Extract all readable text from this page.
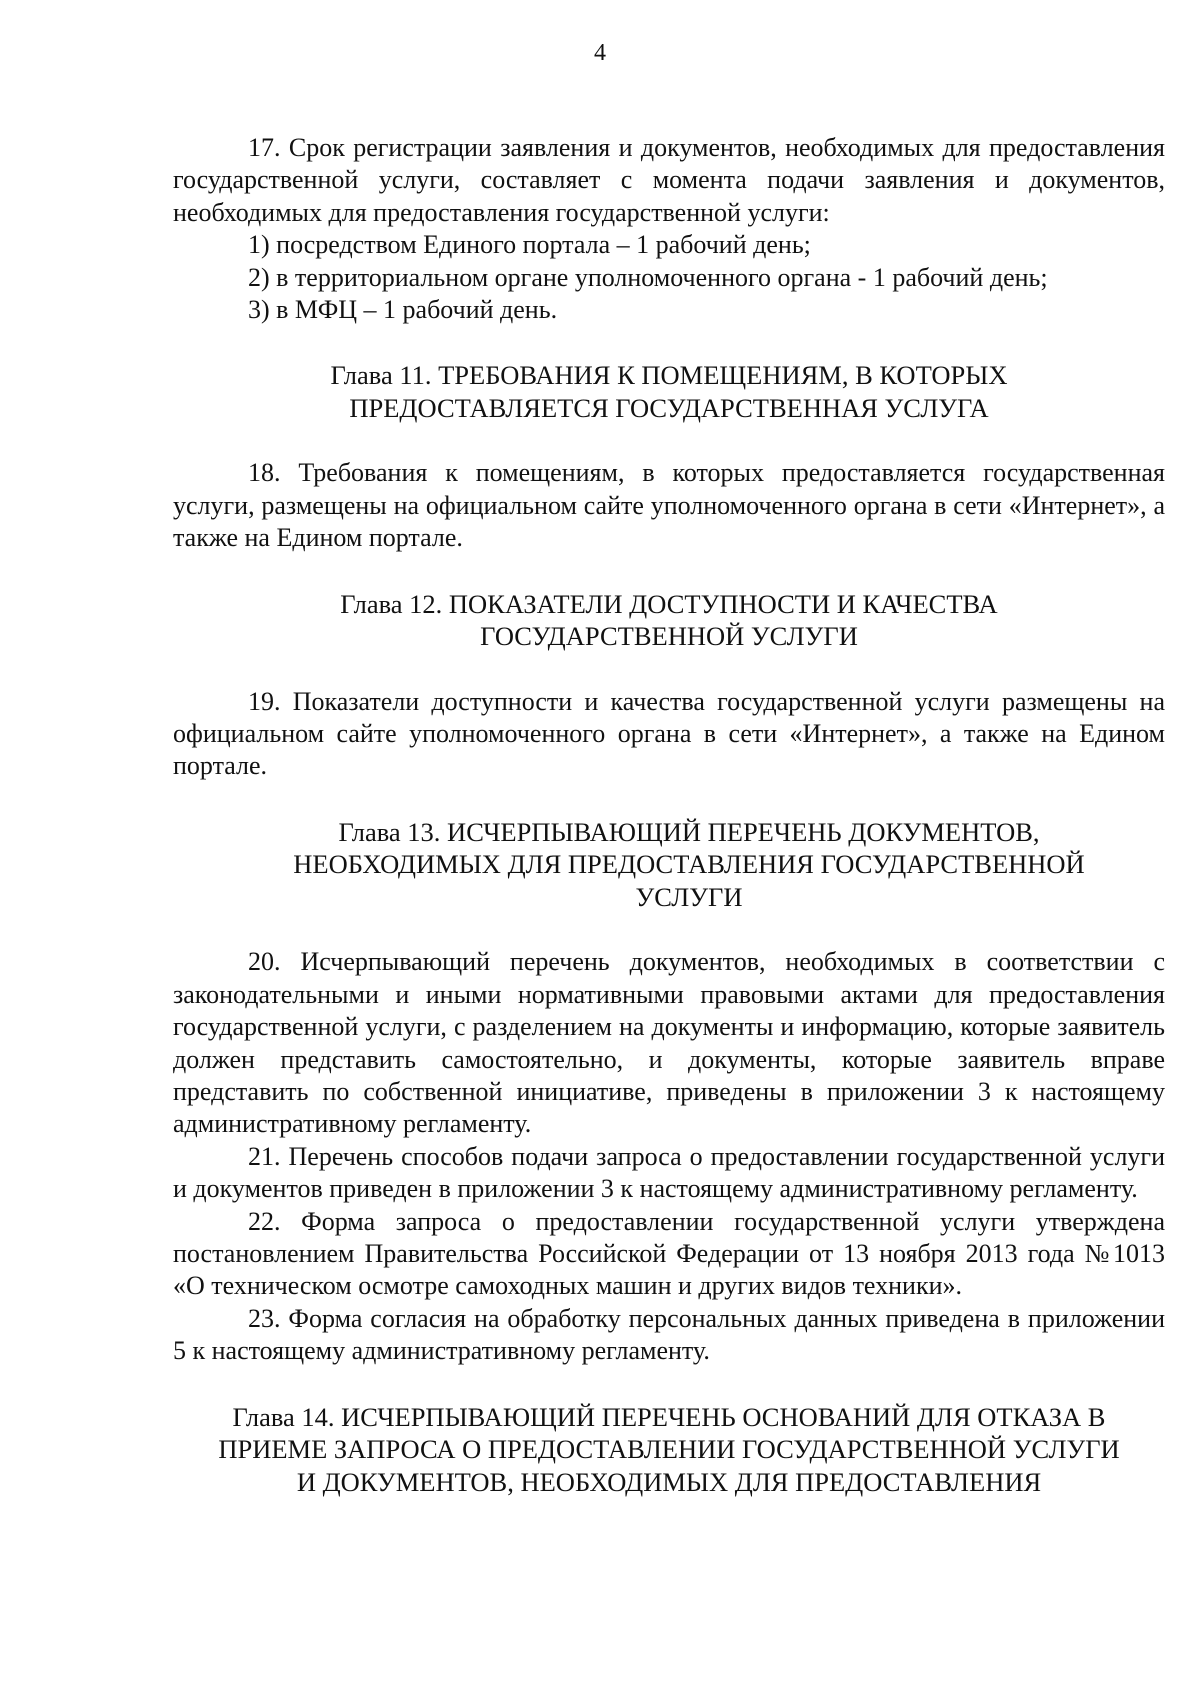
4

17. Срок регистрации заявления и документов, необходимых для предоставления государственной услуги, составляет с момента подачи заявления и документов, необходимых для предоставления государственной услуги:

1) посредством Единого портала – 1 рабочий день;

2) в территориальном органе уполномоченного органа - 1 рабочий день;

3) в МФЦ – 1 рабочий день.

Глава 11. ТРЕБОВАНИЯ К ПОМЕЩЕНИЯМ, В КОТОРЫХ
ПРЕДОСТАВЛЯЕТСЯ ГОСУДАРСТВЕННАЯ УСЛУГА

18. Требования к помещениям, в которых предоставляется государственная услуги, размещены на официальном сайте уполномоченного органа в сети «Интернет», а также на Едином портале.

Глава 12. ПОКАЗАТЕЛИ ДОСТУПНОСТИ И КАЧЕСТВА
ГОСУДАРСТВЕННОЙ УСЛУГИ

19. Показатели доступности и качества государственной услуги размещены на официальном сайте уполномоченного органа в сети «Интернет», а также на Едином портале.

Глава 13. ИСЧЕРПЫВАЮЩИЙ ПЕРЕЧЕНЬ ДОКУМЕНТОВ,
НЕОБХОДИМЫХ ДЛЯ ПРЕДОСТАВЛЕНИЯ ГОСУДАРСТВЕННОЙ
УСЛУГИ

20. Исчерпывающий перечень документов, необходимых в соответствии с законодательными и иными нормативными правовыми актами для предоставления государственной услуги, с разделением на документы и информацию, которые заявитель должен представить самостоятельно, и документы, которые заявитель вправе представить по собственной инициативе, приведены в приложении 3 к настоящему административному регламенту.

21. Перечень способов подачи запроса о предоставлении государственной услуги и документов приведен в приложении 3 к настоящему административному регламенту.

22. Форма запроса о предоставлении государственной услуги утверждена постановлением Правительства Российской Федерации от 13 ноября 2013 года №1013 «О техническом осмотре самоходных машин и других видов техники».

23. Форма согласия на обработку персональных данных приведена в приложении 5 к настоящему административному регламенту.

Глава 14. ИСЧЕРПЫВАЮЩИЙ ПЕРЕЧЕНЬ ОСНОВАНИЙ ДЛЯ ОТКАЗА В
ПРИЕМЕ ЗАПРОСА О ПРЕДОСТАВЛЕНИИ ГОСУДАРСТВЕННОЙ УСЛУГИ
И ДОКУМЕНТОВ, НЕОБХОДИМЫХ ДЛЯ ПРЕДОСТАВЛЕНИЯ
